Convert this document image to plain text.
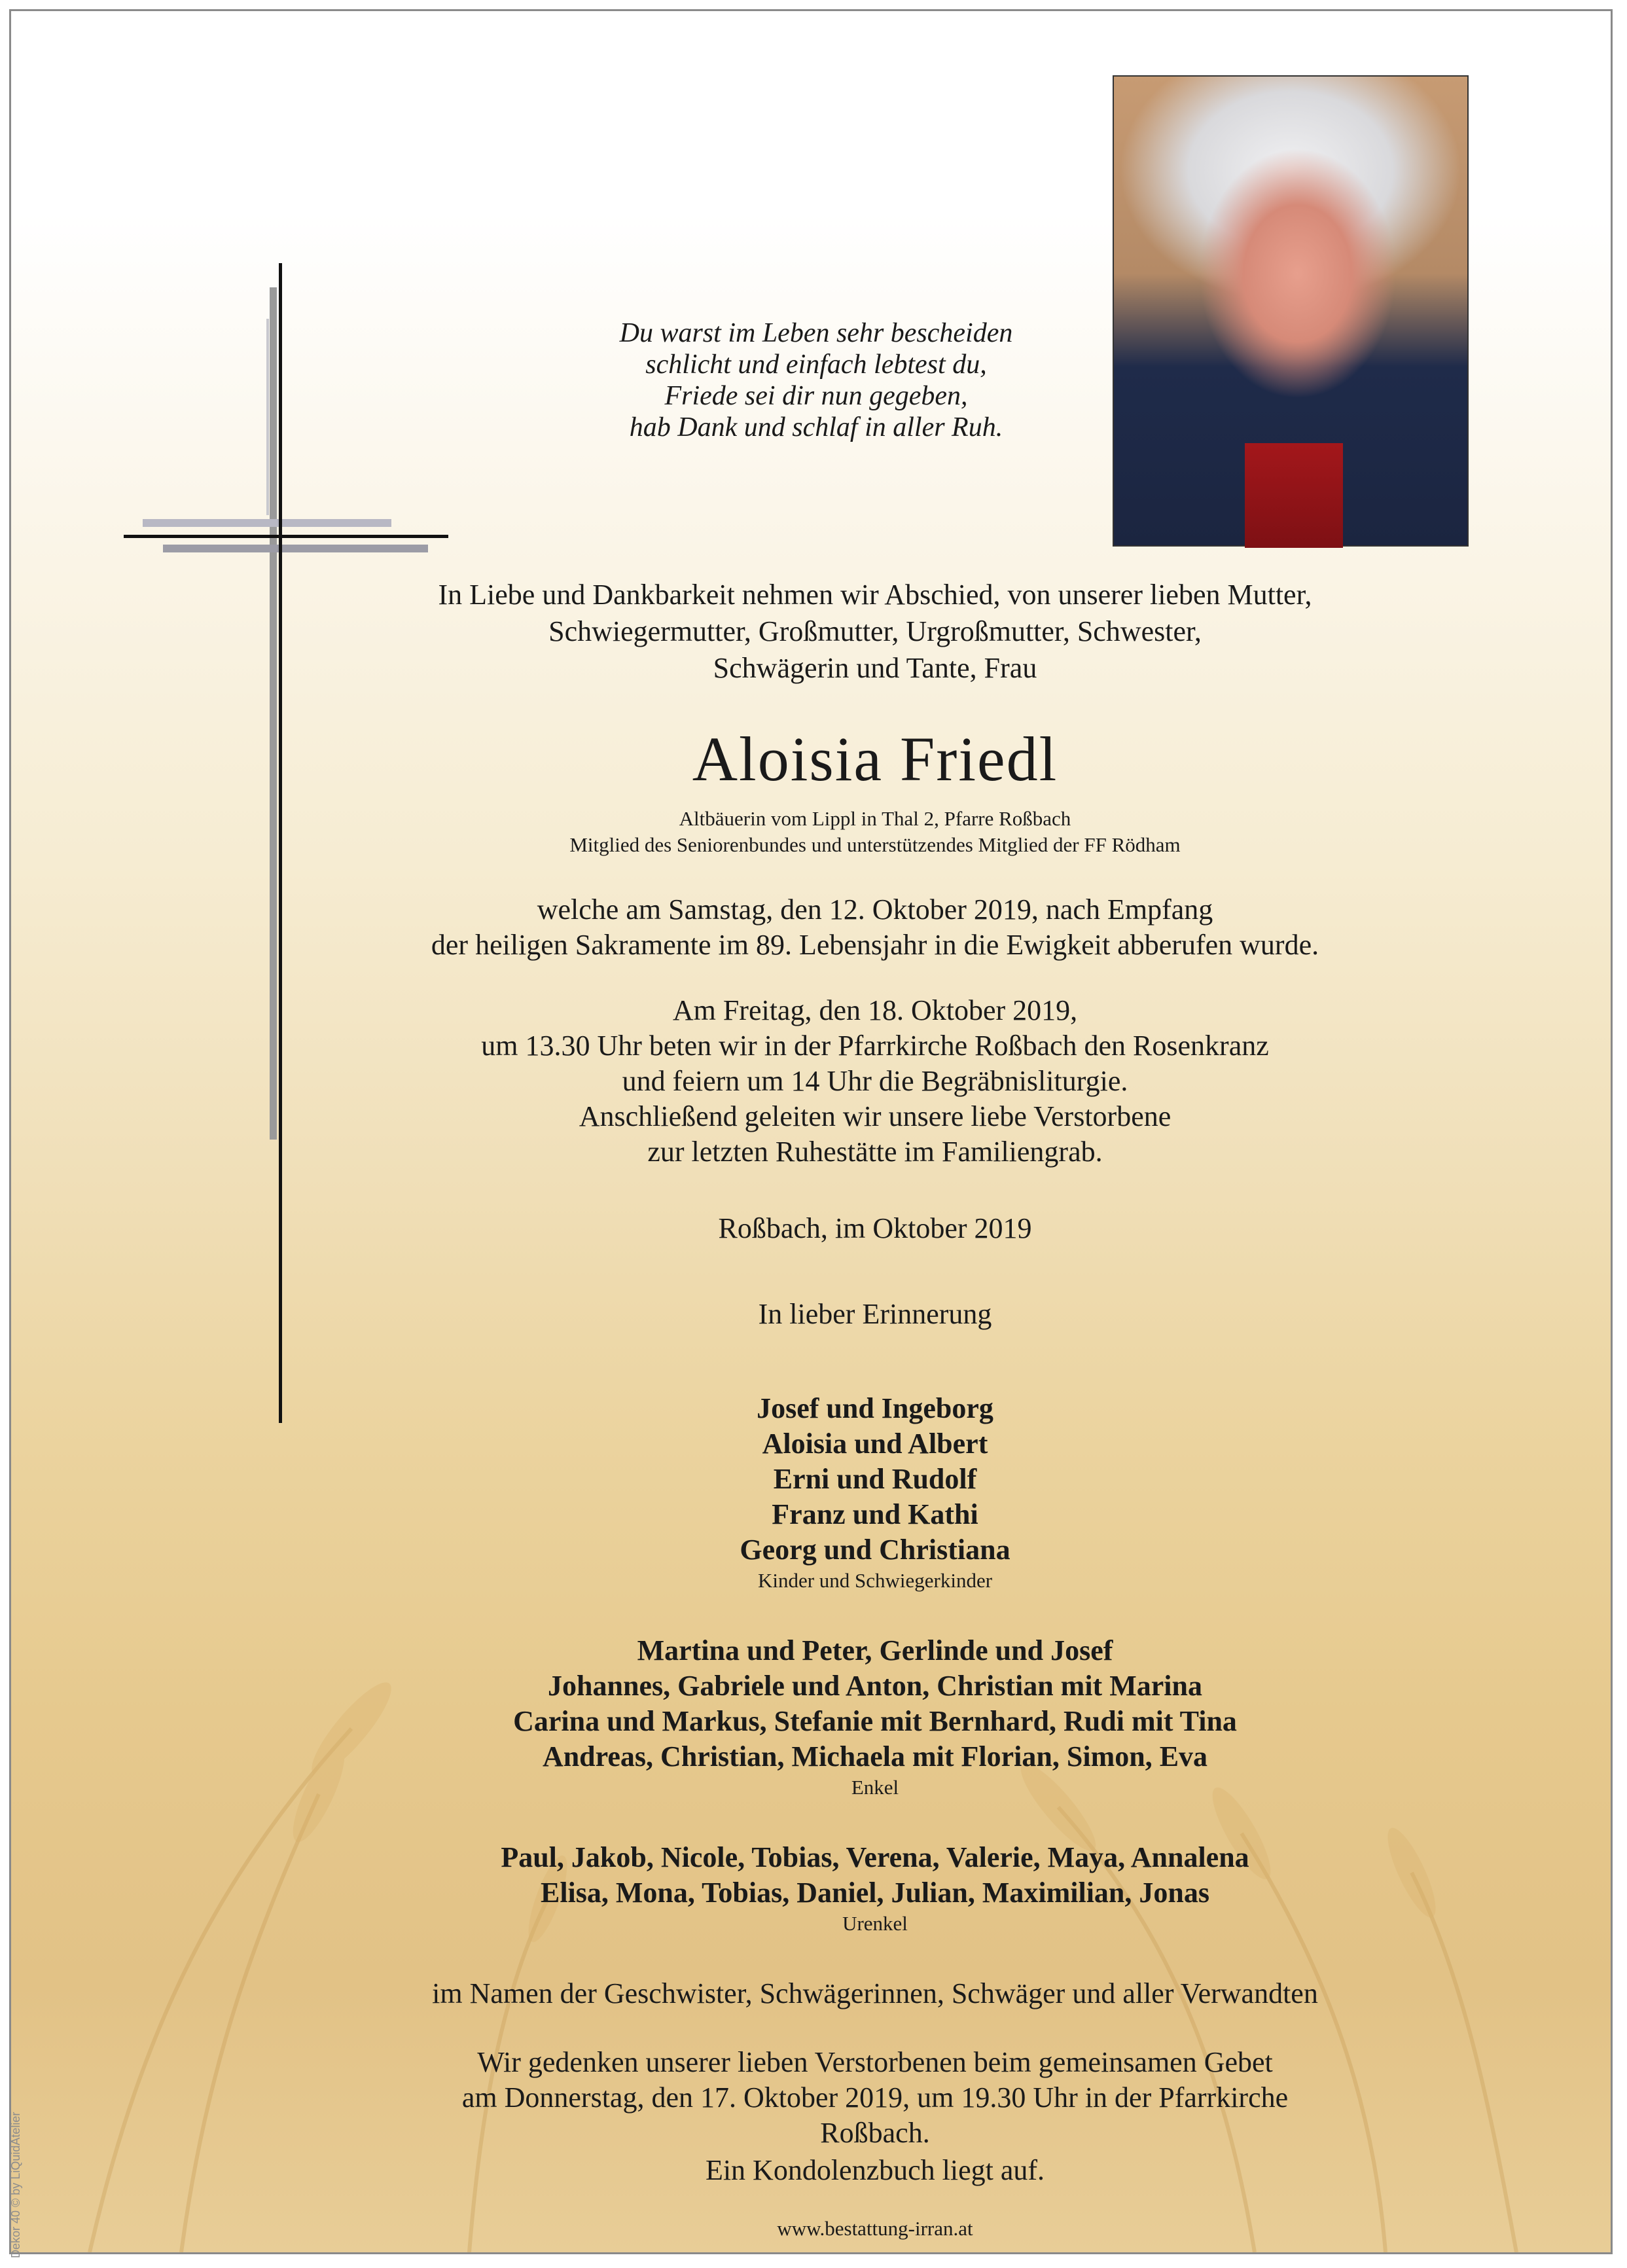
Du warst im Leben sehr bescheiden
schlicht und einfach lebtest du,
Friede sei dir nun gegeben,
hab Dank und schlaf in aller Ruh.
In Liebe und Dankbarkeit nehmen wir Abschied, von unserer lieben Mutter,
Schwiegermutter, Großmutter, Urgroßmutter, Schwester,
Schwägerin und Tante, Frau
Aloisia Friedl
Altbäuerin vom Lippl in Thal 2, Pfarre Roßbach
Mitglied des Seniorenbundes und unterstützendes Mitglied der FF Rödham
welche am Samstag, den 12. Oktober 2019, nach Empfang
der heiligen Sakramente im 89. Lebensjahr in die Ewigkeit abberufen wurde.
Am Freitag, den 18. Oktober 2019,
um 13.30 Uhr beten wir in der Pfarrkirche Roßbach den Rosenkranz
und feiern um 14 Uhr die Begräbnisliturgie.
Anschließend geleiten wir unsere liebe Verstorbene
zur letzten Ruhestätte im Familiengrab.
Roßbach, im Oktober 2019
In lieber Erinnerung
Josef und Ingeborg
Aloisia und Albert
Erni und Rudolf
Franz und Kathi
Georg und Christiana
Kinder und Schwiegerkinder
Martina und Peter, Gerlinde und Josef
Johannes, Gabriele und Anton, Christian mit Marina
Carina und Markus, Stefanie mit Bernhard, Rudi mit Tina
Andreas, Christian, Michaela mit Florian, Simon, Eva
Enkel
Paul, Jakob, Nicole, Tobias, Verena, Valerie, Maya, Annalena
Elisa, Mona, Tobias, Daniel, Julian, Maximilian, Jonas
Urenkel
im Namen der Geschwister, Schwägerinnen, Schwäger und aller Verwandten
Wir gedenken unserer lieben Verstorbenen beim gemeinsamen Gebet
am Donnerstag, den 17. Oktober 2019, um 19.30 Uhr in der Pfarrkirche Roßbach.
Ein Kondolenzbuch liegt auf.
www.bestattung-irran.at
Dekor 40 © by LiQuidAtelier
